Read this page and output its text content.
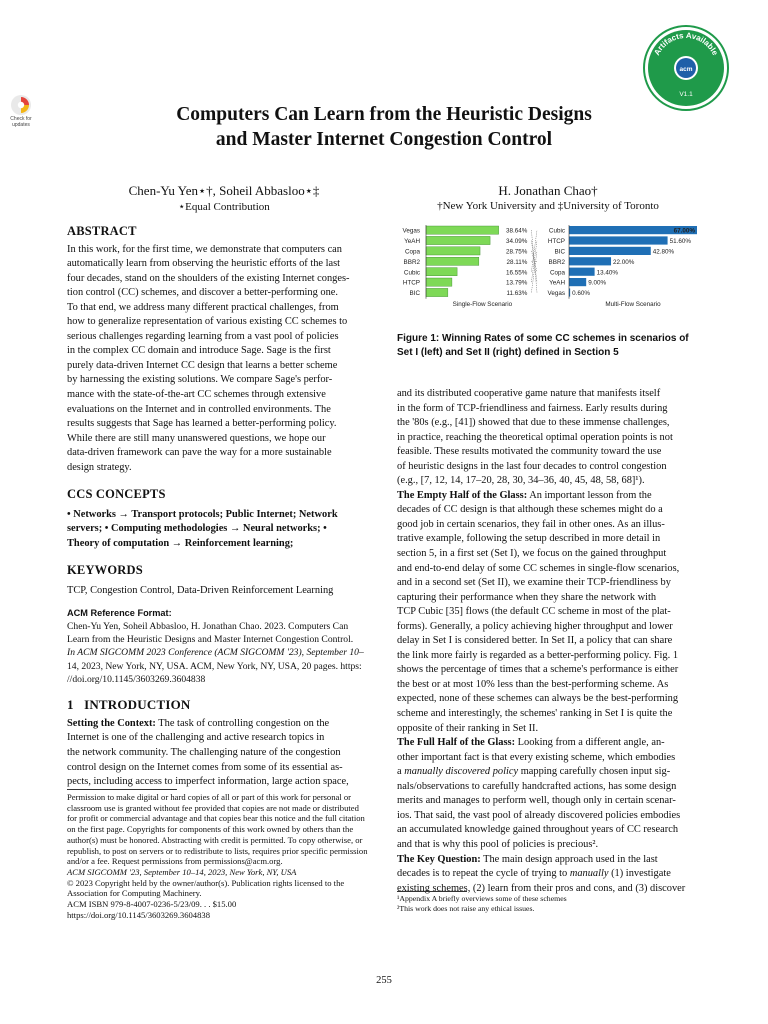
Check for
updates
Artifacts Available
acm
V1.1
Computers Can Learn from the Heuristic Designs
and Master Internet Congestion Control
Chen-Yu Yen⋆†, Soheil Abbasloo⋆‡
⋆Equal Contribution
H. Jonathan Chao†
†New York University and ‡University of Toronto
ABSTRACT
In this work, for the first time, we demonstrate that computers can
automatically learn from observing the heuristic efforts of the last
four decades, stand on the shoulders of the existing Internet conges-
tion control (CC) schemes, and discover a better-performing one.
To that end, we address many different practical challenges, from
how to generalize representation of various existing CC schemes to
serious challenges regarding learning from a vast pool of policies
in the complex CC domain and introduce Sage. Sage is the first
purely data-driven Internet CC design that learns a better scheme
by harnessing the existing solutions. We compare Sage's perfor-
mance with the state-of-the-art CC schemes through extensive
evaluations on the Internet and in controlled environments. The
results suggests that Sage has learned a better-performing policy.
While there are still many unanswered questions, we hope our
data-driven framework can pave the way for a more sustainable
design strategy.
CCS CONCEPTS
• Networks → Transport protocols; Public Internet; Network
servers; • Computing methodologies → Neural networks; •
Theory of computation → Reinforcement learning;
KEYWORDS
TCP, Congestion Control, Data-Driven Reinforcement Learning
ACM Reference Format:
Chen-Yu Yen, Soheil Abbasloo, H. Jonathan Chao. 2023. Computers Can
Learn from the Heuristic Designs and Master Internet Congestion Control.
In ACM SIGCOMM 2023 Conference (ACM SIGCOMM '23), September 10–
14, 2023, New York, NY, USA. ACM, New York, NY, USA, 20 pages. https:
//doi.org/10.1145/3603269.3604838
1 INTRODUCTION
Setting the Context: The task of controlling congestion on the
Internet is one of the challenging and active research topics in
the network community. The challenging nature of the congestion
control design on the Internet comes from some of its essential as-
pects, including access to imperfect information, large action space,
Permission to make digital or hard copies of all or part of this work for personal or
classroom use is granted without fee provided that copies are not made or distributed
for profit or commercial advantage and that copies bear this notice and the full citation
on the first page. Copyrights for components of this work owned by others than the
author(s) must be honored. Abstracting with credit is permitted. To copy otherwise, or
republish, to post on servers or to redistribute to lists, requires prior specific permission
and/or a fee. Request permissions from permissions@acm.org.
ACM SIGCOMM '23, September 10–14, 2023, New York, NY, USA
© 2023 Copyright held by the owner/author(s). Publication rights licensed to the
Association for Computing Machinery.
ACM ISBN 979-8-4007-0236-5/23/09. . . $15.00
https://doi.org/10.1145/3603269.3604838
Vegas	38.64%
YeAH	34.09%
Copa	28.75%
BBR2	28.11%
Cubic	16.55%
HTCP	13.79%
BIC	11.63%
Single-Flow Scenario
Cubic	67.00%
HTCP	51.60%
BIC	42.80%
BBR2	22.00%
Copa	13.40%
YeAH	9.00%
Vegas 0.60%
Multi-Flow Scenario
Figure 1: Winning Rates of some CC schemes in scenarios of
Set I (left) and Set II (right) defined in Section 5
and its distributed cooperative game nature that manifests itself
in the form of TCP-friendliness and fairness. Early results during
the '80s (e.g., [41]) showed that due to these immense challenges,
in practice, reaching the theoretical optimal operation points is not
feasible. These results motivated the community toward the use
of heuristic designs in the last four decades to control congestion
(e.g., [7, 12, 14, 17–20, 28, 30, 34–36, 40, 45, 48, 58, 68]¹).
The Empty Half of the Glass: An important lesson from the
decades of CC design is that although these schemes might do a
good job in certain scenarios, they fail in other ones. As an illus-
trative example, following the setup described in more detail in
section 5, in a first set (Set I), we focus on the gained throughput
and end-to-end delay of some CC schemes in single-flow scenarios,
and in a second set (Set II), we examine their TCP-friendliness by
capturing their performance when they share the network with
TCP Cubic [35] flows (the default CC scheme in most of the plat-
forms). Generally, a policy achieving higher throughput and lower
delay in Set I is considered better. In Set II, a policy that can share
the link more fairly is regarded as a better-performing policy. Fig. 1
shows the percentage of times that a scheme's performance is either
the best or at most 10% less than the best-performing scheme. As
expected, none of these schemes can always be the best-performing
scheme and interestingly, the schemes' ranking in Set I is quite the
opposite of their ranking in Set II.
The Full Half of the Glass: Looking from a different angle, an-
other important fact is that every existing scheme, which embodies
a manually discovered policy mapping carefully chosen input sig-
nals/observations to carefully handcrafted actions, has some design
merits and manages to perform well, though only in certain scenar-
ios. That said, the vast pool of already discovered policies embodies
an accumulated knowledge gained throughout years of CC research
and that is why this pool of policies is precious².
The Key Question: The main design approach used in the last
decades is to repeat the cycle of trying to manually (1) investigate
existing schemes, (2) learn from their pros and cons, and (3) discover
¹Appendix A briefly overviews some of these schemes
²This work does not raise any ethical issues.
255
